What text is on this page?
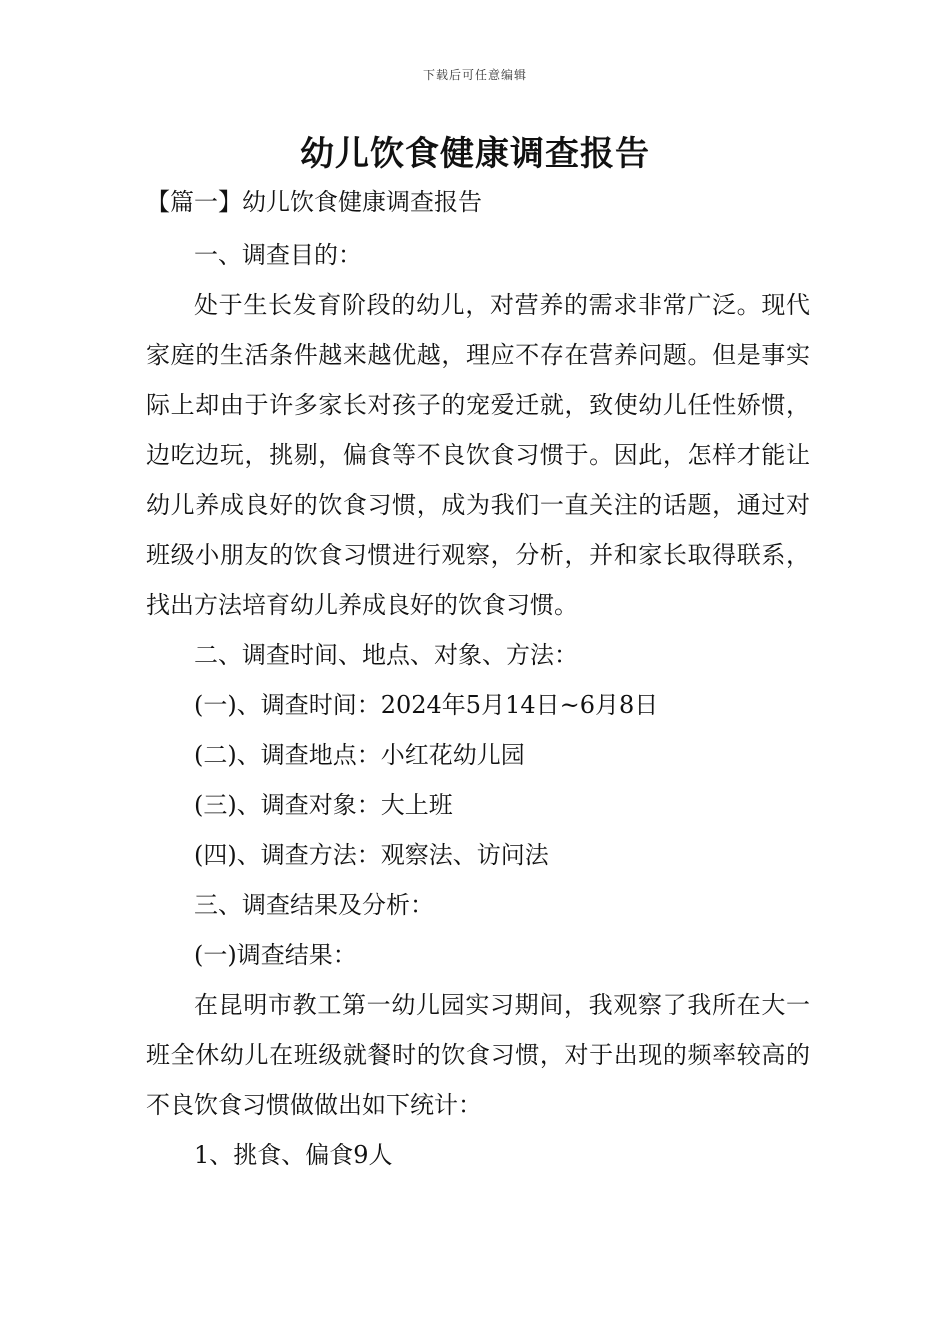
下载后可任意编辑
幼儿饮食健康调查报告
【篇一】幼儿饮食健康调查报告

一、调查目的：

处于生长发育阶段的幼儿，对营养的需求非常广泛。现代家庭的生活条件越来越优越，理应不存在营养问题。但是事实际上却由于许多家长对孩子的宠爱迁就，致使幼儿任性娇惯，边吃边玩，挑剔，偏食等不良饮食习惯于。因此，怎样才能让幼儿养成良好的饮食习惯，成为我们一直关注的话题，通过对班级小朋友的饮食习惯进行观察，分析，并和家长取得联系，找出方法培育幼儿养成良好的饮食习惯。

二、调查时间、地点、对象、方法：

(一)、调查时间：2024年5月14日~6月8日

(二)、调查地点：小红花幼儿园

(三)、调查对象：大上班

(四)、调查方法：观察法、访问法

三、调查结果及分析：

(一)调查结果：

在昆明市教工第一幼儿园实习期间，我观察了我所在大一班全休幼儿在班级就餐时的饮食习惯，对于出现的频率较高的不良饮食习惯做做出如下统计：

1、挑食、偏食9人
